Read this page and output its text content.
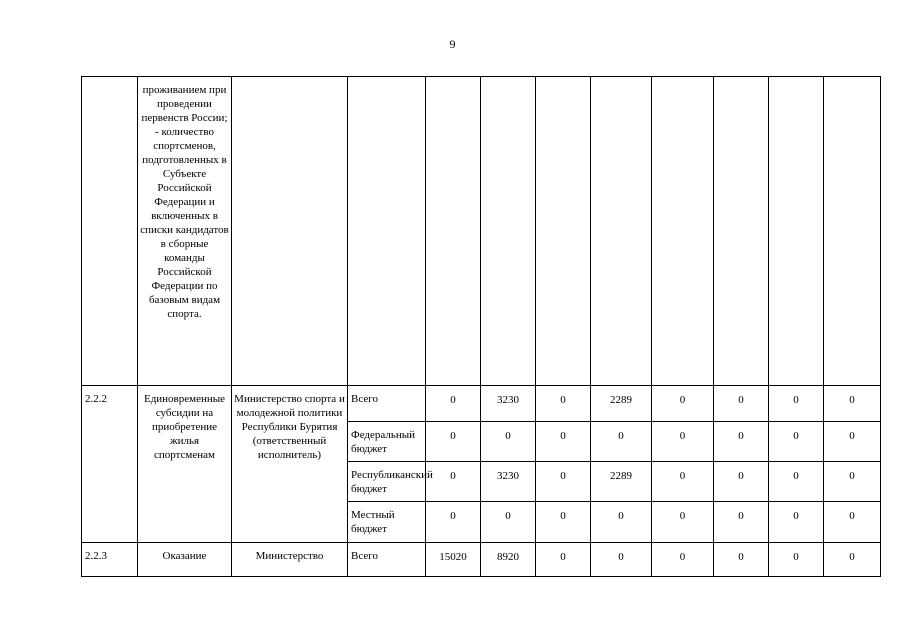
9
	проживанием при проведении первенств России; - количество спортсменов, подготовленных в Субъекте Российской Федерации и включенных в списки кандидатов в сборные команды Российской Федерации по базовым видам спорта.										
2.2.2	Единовременные субсидии на приобретение жилья спортсменам	Министерство спорта и молодежной политики Республики Бурятия (ответственный исполнитель)	Всего	0	3230	0	2289	0	0	0	0
			Федеральный бюджет	0	0	0	0	0	0	0	0
			Республиканский бюджет	0	3230	0	2289	0	0	0	0
			Местный бюджет	0	0	0	0	0	0	0	0
2.2.3	Оказание	Министерство	Всего	15020	8920	0	0	0	0	0	0
